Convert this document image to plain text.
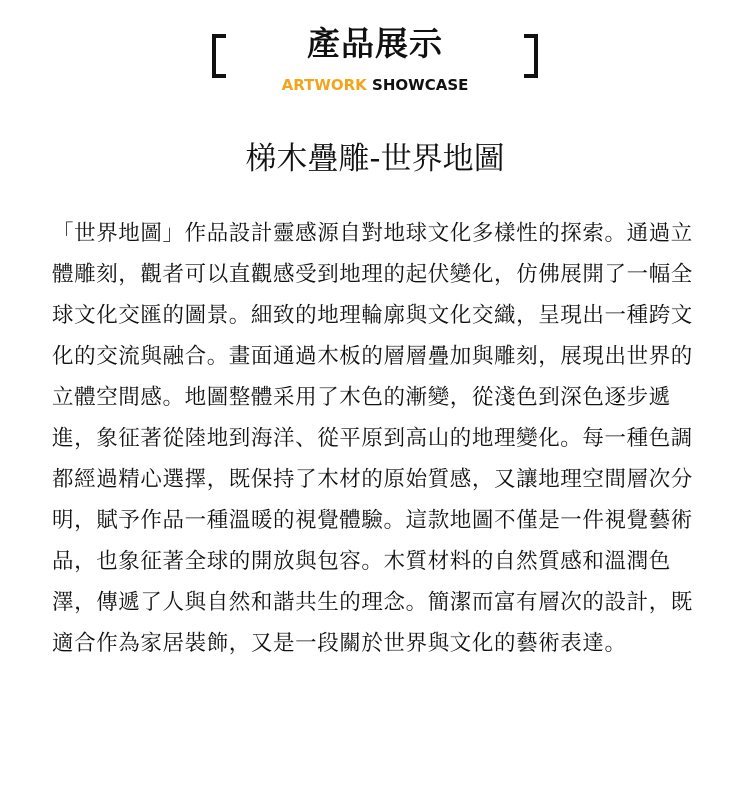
產品展示
ARTWORK SHOWCASE
梯木疊雕-世界地圖

「世界地圖」作品設計靈感源自對地球文化多樣性的探索。通過立體雕刻，觀者可以直觀感受到地理的起伏變化，仿佛展開了一幅全球文化交匯的圖景。細致的地理輪廓與文化交織，呈現出一種跨文化的交流與融合。畫面通過木板的層層疊加與雕刻，展現出世界的立體空間感。地圖整體采用了木色的漸變，從淺色到深色逐步遞進，象征著從陸地到海洋、從平原到高山的地理變化。每一種色調都經過精心選擇，既保持了木材的原始質感，又讓地理空間層次分明，賦予作品一種溫暖的視覺體驗。這款地圖不僅是一件視覺藝術品，也象征著全球的開放與包容。木質材料的自然質感和溫潤色澤，傳遞了人與自然和諧共生的理念。簡潔而富有層次的設計，既適合作為家居裝飾，又是一段關於世界與文化的藝術表達。
